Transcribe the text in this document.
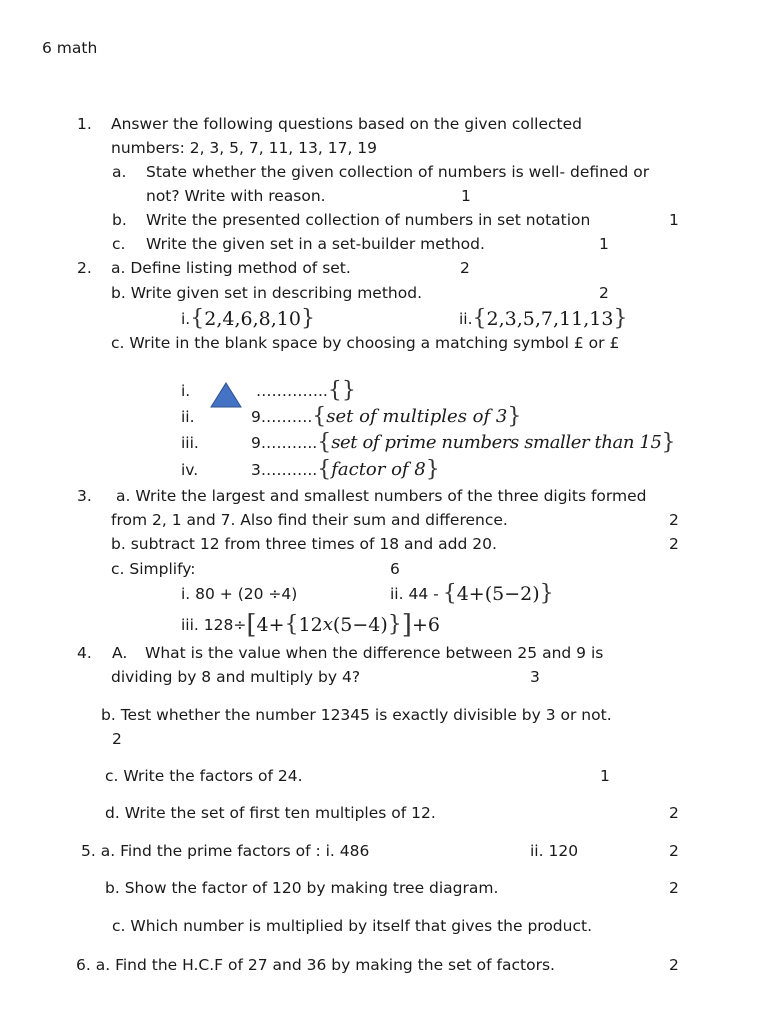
6 math
1. Answer the following questions based on the given collected
numbers: 2, 3, 5, 7, 11, 13, 17, 19
a. State whether the given collection of numbers is well- defined or
not? Write with reason.	1
b. Write the presented collection of numbers in set notation	1
c. Write the given set in a set-builder method.	1
2. a. Define listing method of set.	2
b. Write given set in describing method.	2
i. { 2,4,6,8,10 }	ii. { 2,3,5,7,11,13 }
c. Write in the blank space by choosing a matching symbol £ or £
i.	………….. {}
ii.	9………. { set of multiples of 3 }
iii.	9……….. { set of prime numbers smaller than 15 }
iv.	3……….. { factor of 8 }
3. a. Write the largest and smallest numbers of the three digits formed
from 2, 1 and 7. Also find their sum and difference.	2
b. subtract 12 from three times of 18 and add 20.	2
c. Simplify:	6
i. 80 + (20 ÷4)	ii. 44 - { 4+(5−2) }
iii. 128÷ [ 4+ { 12 x (5−4) } ] +6
4. A. What is the value when the difference between 25 and 9 is
dividing by 8 and multiply by 4?	3
b. Test whether the number 12345 is exactly divisible by 3 or not.
2
c. Write the factors of 24.	1
d. Write the set of first ten multiples of 12.	2
5. a. Find the prime factors of : i. 486	ii. 120	2
b. Show the factor of 120 by making tree diagram.	2
c. Which number is multiplied by itself that gives the product.
6. a. Find the H.C.F of 27 and 36 by making the set of factors.	2
